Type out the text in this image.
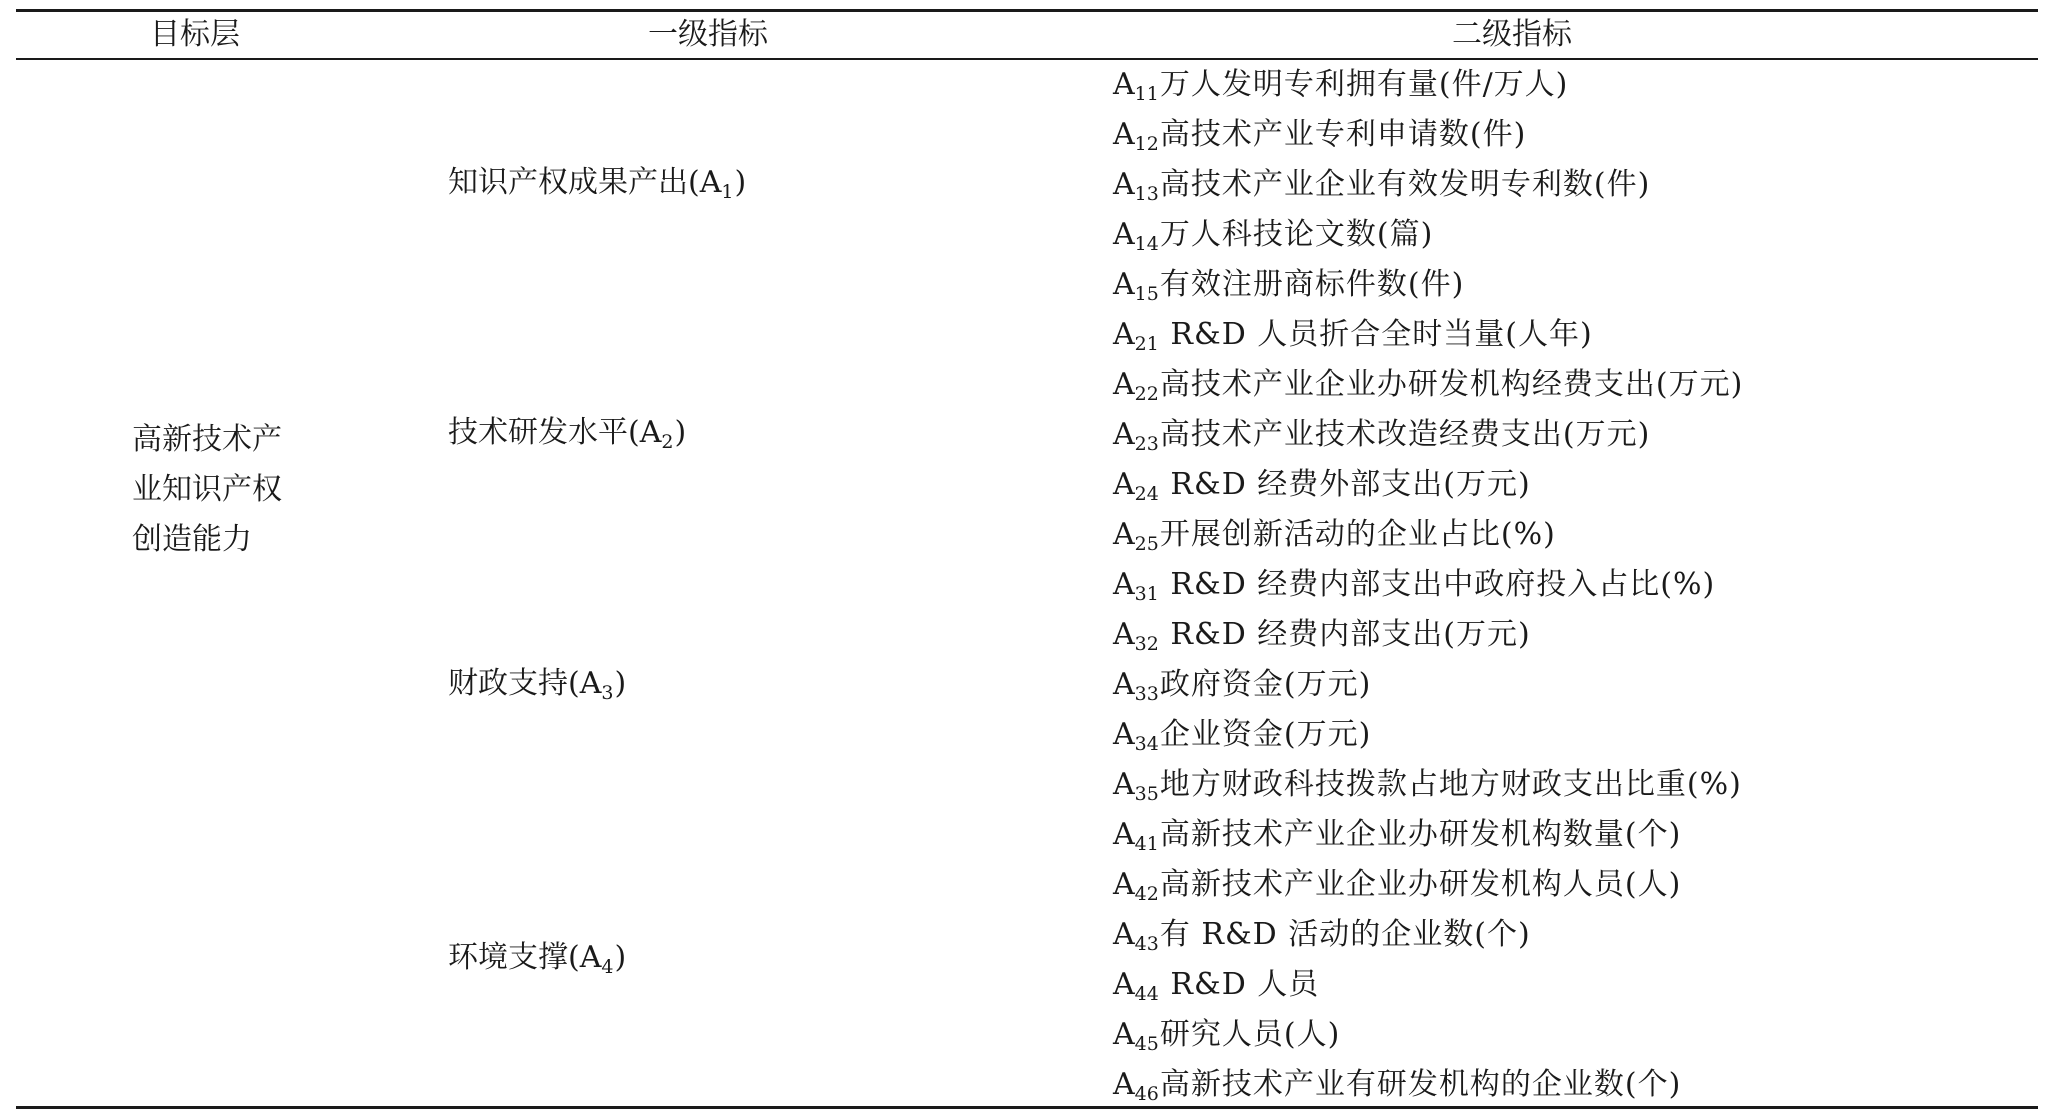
目标层	一级指标	二级指标
高新技术产业知识产权创造能力
知识产权成果产出$(A_1)$
技术研发水平$(A_2)$
财政支持$(A_3)$
环境支撑$(A_4)$
$A_{11}$万人发明专利拥有量(件/万人)
$A_{12}$高技术产业专利申请数(件)
$A_{13}$高技术产业企业有效发明专利数(件)
$A_{14}$万人科技论文数(篇)
$A_{15}$有效注册商标件数(件)
$A_{21}$ R&D 人员折合全时当量(人年)
$A_{22}$高技术产业企业办研发机构经费支出(万元)
$A_{23}$高技术产业技术改造经费支出(万元)
$A_{24}$ R&D 经费外部支出(万元)
$A_{25}$开展创新活动的企业占比(%)
$A_{31}$ R&D 经费内部支出中政府投入占比(%)
$A_{32}$ R&D 经费内部支出(万元)
$A_{33}$政府资金(万元)
$A_{34}$企业资金(万元)
$A_{35}$地方财政科技拨款占地方财政支出比重(%)
$A_{41}$高新技术产业企业办研发机构数量(个)
$A_{42}$高新技术产业企业办研发机构人员(人)
$A_{43}$有 R&D 活动的企业数(个)
$A_{44}$ R&D 人员
$A_{45}$研究人员(人)
$A_{46}$高新技术产业有研发机构的企业数(个)
